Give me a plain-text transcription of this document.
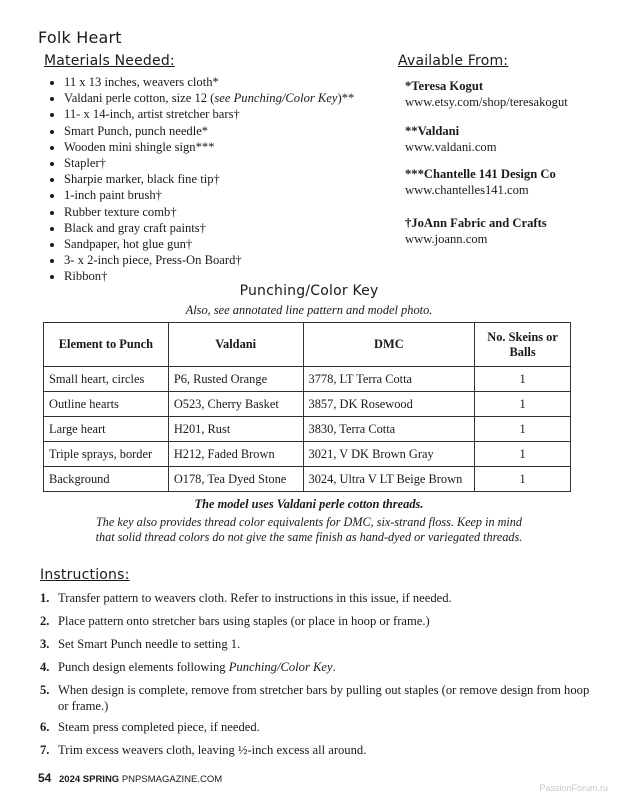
Folk Heart
Materials Needed:
• 11 x 13 inches, weavers cloth*
• Valdani perle cotton, size 12 (see Punching/Color Key)**
• 11- x 14-inch, artist stretcher bars†
• Smart Punch, punch needle*
• Wooden mini shingle sign***
• Stapler†
• Sharpie marker, black fine tip†
• 1-inch paint brush†
• Rubber texture comb†
• Black and gray craft paints†
• Sandpaper, hot glue gun†
• 3- x 2-inch piece, Press-On Board†
• Ribbon†
Available From:
*Teresa Kogut
www.etsy.com/shop/teresakogut
**Valdani
www.valdani.com
***Chantelle 141 Design Co
www.chantelles141.com
†JoAnn Fabric and Crafts
www.joann.com
Punching/Color Key
Also, see annotated line pattern and model photo.
Element to Punch	Valdani	DMC	No. Skeins or Balls
Small heart, circles	P6, Rusted Orange	3778, LT Terra Cotta	1
Outline hearts	O523, Cherry Basket	3857, DK Rosewood	1
Large heart	H201, Rust	3830, Terra Cotta	1
Triple sprays, border	H212, Faded Brown	3021, V DK Brown Gray	1
Background	O178, Tea Dyed Stone	3024, Ultra V LT Beige Brown	1
The model uses Valdani perle cotton threads.
The key also provides thread color equivalents for DMC, six-strand floss. Keep in mind
that solid thread colors do not give the same finish as hand-dyed or variegated threads.
Instructions:
1. Transfer pattern to weavers cloth. Refer to instructions in this issue, if needed.
2. Place pattern onto stretcher bars using staples (or place in hoop or frame.)
3. Set Smart Punch needle to setting 1.
4. Punch design elements following Punching/Color Key.
5. When design is complete, remove from stretcher bars by pulling out staples (or remove design from hoop or frame.)
6. Steam press completed piece, if needed.
7. Trim excess weavers cloth, leaving ½-inch excess all around.
54 2024 SPRING PNPSMAGAZINE.COM
PassionForum.ru
